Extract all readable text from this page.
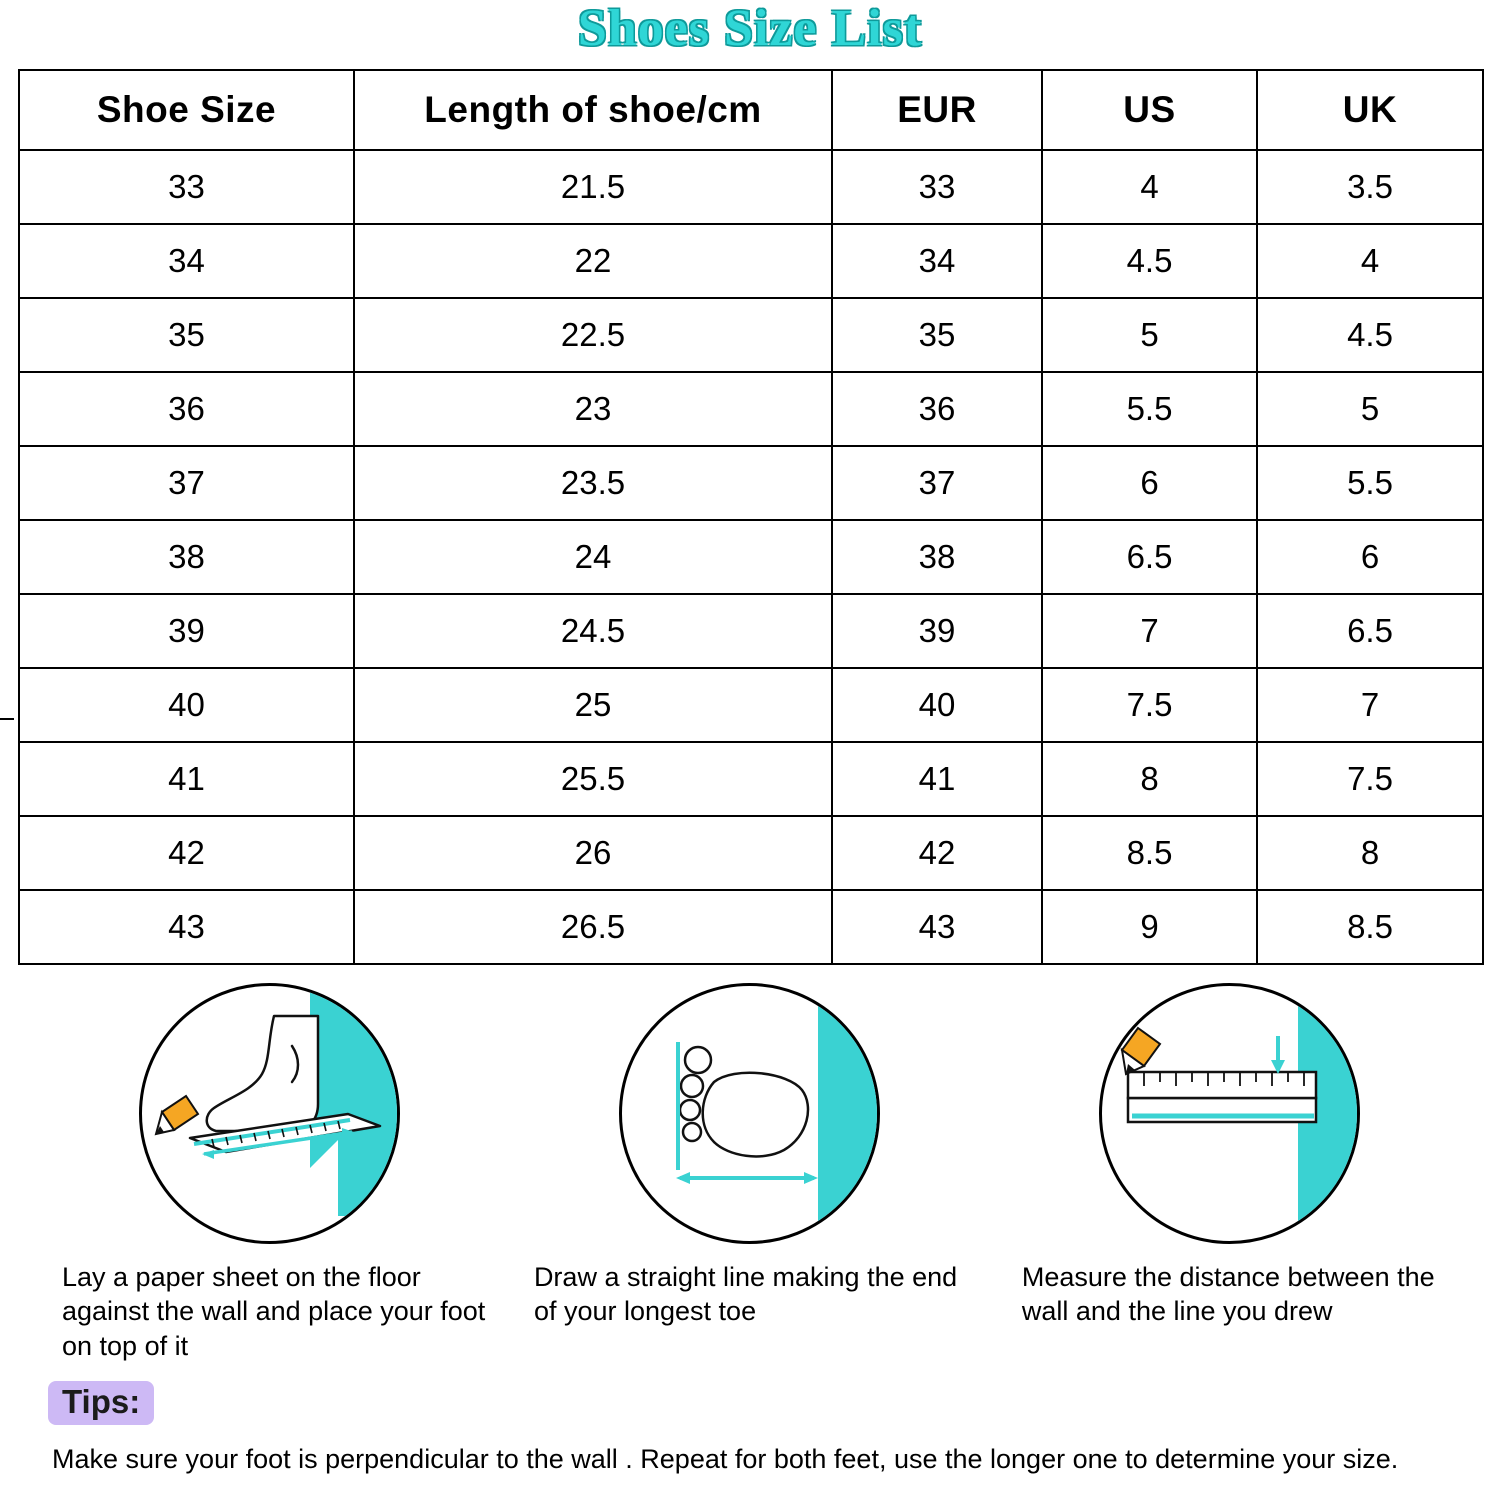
Shoes Size List
Shoe Size	Length of shoe/cm	EUR	US	UK
33	21.5	33	4	3.5
34	22	34	4.5	4
35	22.5	35	5	4.5
36	23	36	5.5	5
37	23.5	37	6	5.5
38	24	38	6.5	6
39	24.5	39	7	6.5
40	25	40	7.5	7
41	25.5	41	8	7.5
42	26	42	8.5	8
43	26.5	43	9	8.5
Lay a paper sheet on the floor against the wall and place your foot on top of it
Draw a straight line making the end of your longest toe
Measure the distance between the wall and the line you drew
Tips:
Make sure your foot is perpendicular to the wall . Repeat for both feet, use the longer one to determine your size.
